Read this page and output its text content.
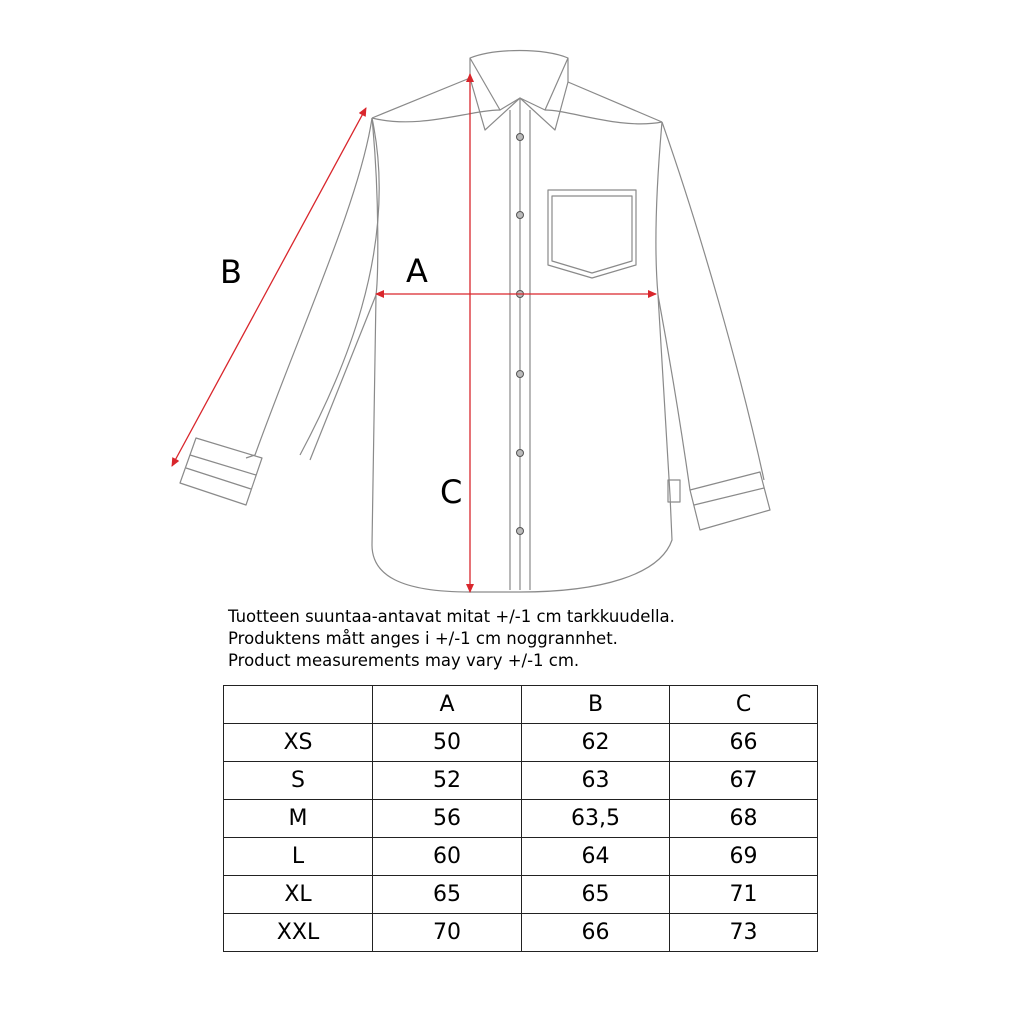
A
B
C
Tuotteen suuntaa-antavat mitat +/-1 cm tarkkuudella.
Produktens mått anges i +/-1 cm noggrannhet.
Product measurements may vary +/-1 cm.
	A	B	C
XS	50	62	66
S	52	63	67
M	56	63,5	68
L	60	64	69
XL	65	65	71
XXL	70	66	73
